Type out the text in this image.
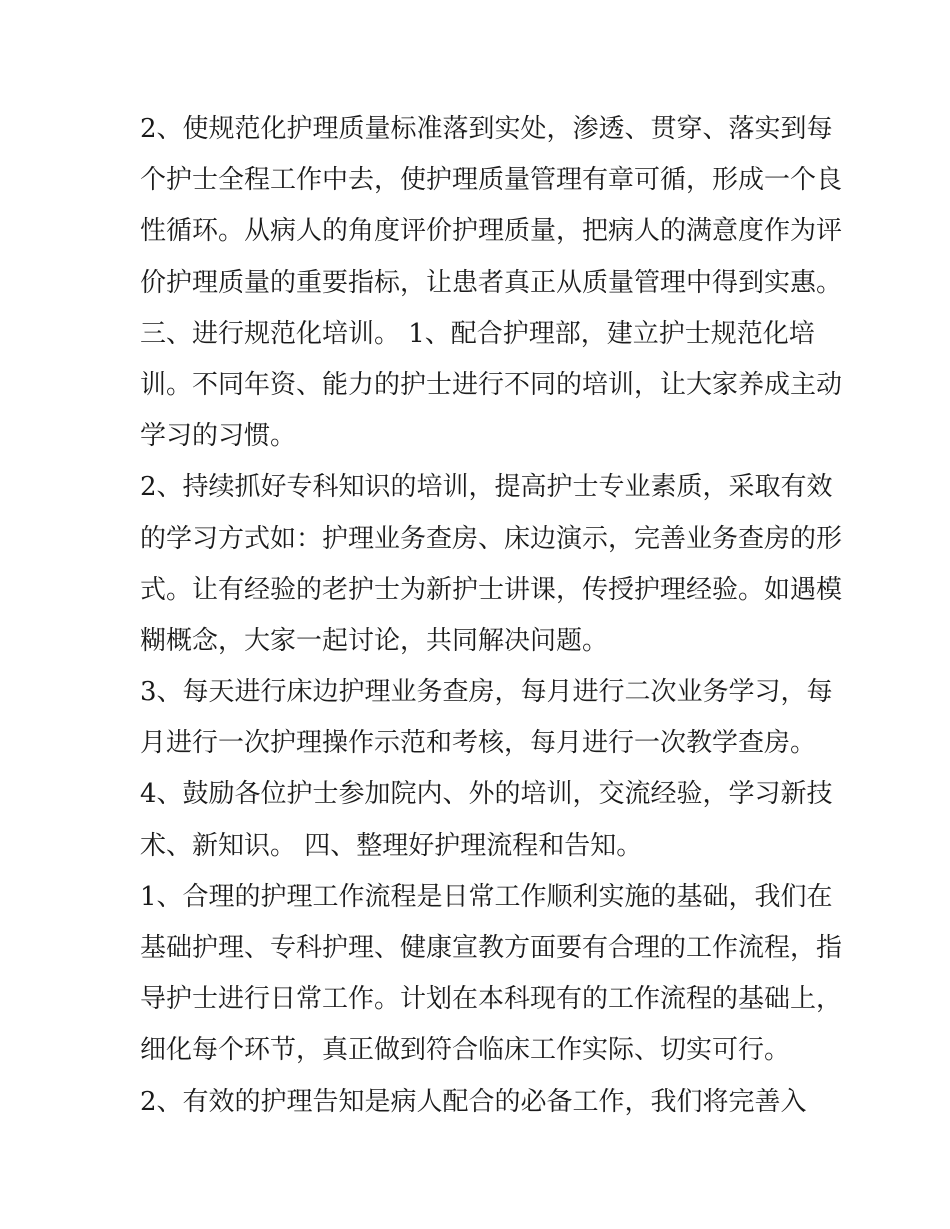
2、使规范化护理质量标准落到实处，渗透、贯穿、落实到每
个护士全程工作中去，使护理质量管理有章可循，形成一个良
性循环。从病人的角度评价护理质量，把病人的满意度作为评
价护理质量的重要指标，让患者真正从质量管理中得到实惠。
三、进行规范化培训。 1、配合护理部，建立护士规范化培
训。不同年资、能力的护士进行不同的培训，让大家养成主动
学习的习惯。
2、持续抓好专科知识的培训，提高护士专业素质，采取有效
的学习方式如：护理业务查房、床边演示，完善业务查房的形
式。让有经验的老护士为新护士讲课，传授护理经验。如遇模
糊概念，大家一起讨论，共同解决问题。
3、每天进行床边护理业务查房，每月进行二次业务学习，每
月进行一次护理操作示范和考核，每月进行一次教学查房。
4、鼓励各位护士参加院内、外的培训，交流经验，学习新技
术、新知识。 四、整理好护理流程和告知。
1、合理的护理工作流程是日常工作顺利实施的基础，我们在
基础护理、专科护理、健康宣教方面要有合理的工作流程，指
导护士进行日常工作。计划在本科现有的工作流程的基础上，
细化每个环节，真正做到符合临床工作实际、切实可行。
2、有效的护理告知是病人配合的必备工作，我们将完善入
